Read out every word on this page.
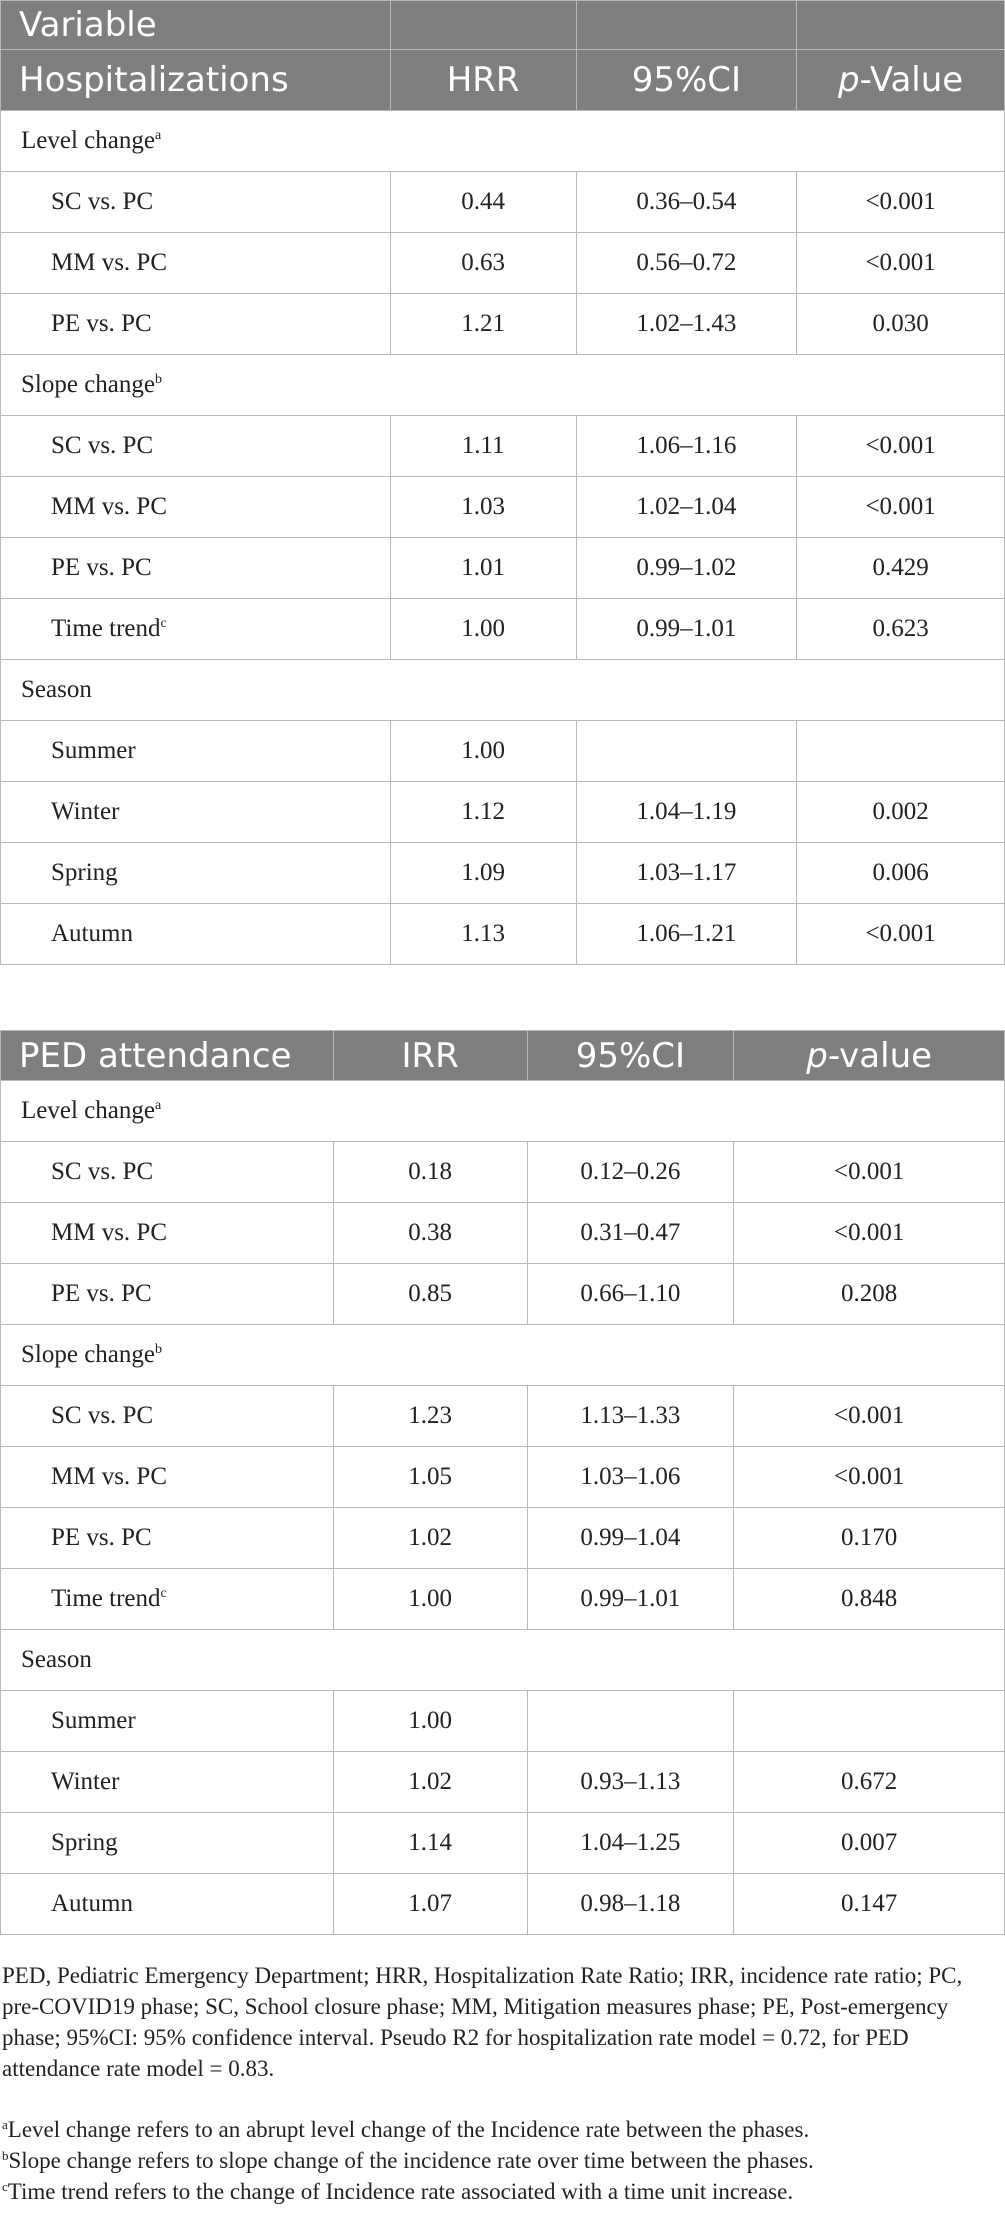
Variable			
Hospitalizations	HRR	95%CI	p-Value
Level change$^a$
SC vs. PC	0.44	0.36–0.54	<0.001
MM vs. PC	0.63	0.56–0.72	<0.001
PE vs. PC	1.21	1.02–1.43	0.030
Slope change$^b$
SC vs. PC	1.11	1.06–1.16	<0.001
MM vs. PC	1.03	1.02–1.04	<0.001
PE vs. PC	1.01	0.99–1.02	0.429
Time trend$^c$	1.00	0.99–1.01	0.623
Season			
Summer	1.00		
Winter	1.12	1.04–1.19	0.002
Spring	1.09	1.03–1.17	0.006
Autumn	1.13	1.06–1.21	<0.001
PED attendance	IRR	95%CI	p-value
Level change$^a$
SC vs. PC	0.18	0.12–0.26	<0.001
MM vs. PC	0.38	0.31–0.47	<0.001
PE vs. PC	0.85	0.66–1.10	0.208
Slope change$^b$
SC vs. PC	1.23	1.13–1.33	<0.001
MM vs. PC	1.05	1.03–1.06	<0.001
PE vs. PC	1.02	0.99–1.04	0.170
Time trend$^c$	1.00	0.99–1.01	0.848
Season			
Summer	1.00		
Winter	1.02	0.93–1.13	0.672
Spring	1.14	1.04–1.25	0.007
Autumn	1.07	0.98–1.18	0.147
PED, Pediatric Emergency Department; HRR, Hospitalization Rate Ratio; IRR, incidence rate ratio; PC, pre-COVID19 phase; SC, School closure phase; MM, Mitigation measures phase; PE, Post-emergency phase; 95%CI: 95% confidence interval. Pseudo R2 for hospitalization rate model = 0.72, for PED attendance rate model = 0.83.
$^a$Level change refers to an abrupt level change of the Incidence rate between the phases.
$^b$Slope change refers to slope change of the incidence rate over time between the phases.
$^c$Time trend refers to the change of Incidence rate associated with a time unit increase.
